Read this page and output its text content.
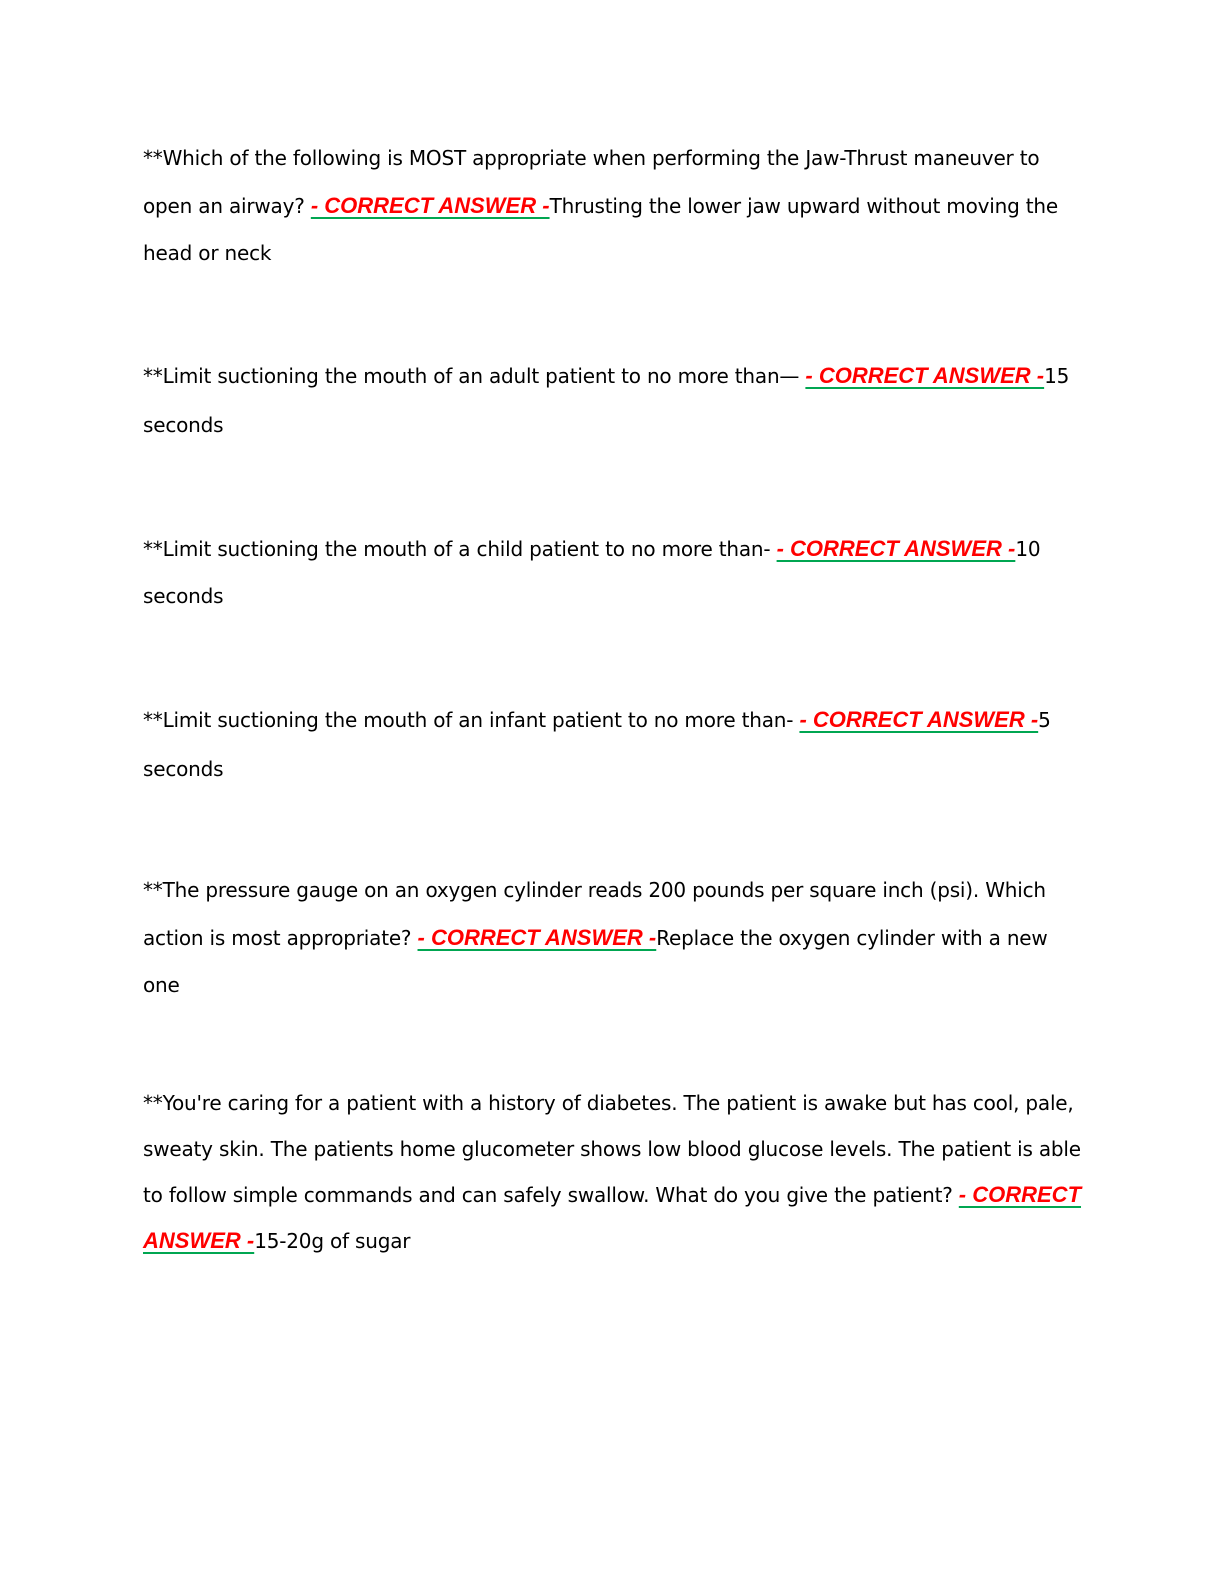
**Which of the following is MOST appropriate when performing the Jaw-Thrust maneuver to open an airway? - CORRECT ANSWER -Thrusting the lower jaw upward without moving the head or neck

**Limit suctioning the mouth of an adult patient to no more than— - CORRECT ANSWER -15 seconds

**Limit suctioning the mouth of a child patient to no more than- - CORRECT ANSWER -10 seconds

**Limit suctioning the mouth of an infant patient to no more than- - CORRECT ANSWER -5 seconds

**The pressure gauge on an oxygen cylinder reads 200 pounds per square inch (psi). Which action is most appropriate? - CORRECT ANSWER -Replace the oxygen cylinder with a new one

**You're caring for a patient with a history of diabetes. The patient is awake but has cool, pale, sweaty skin. The patients home glucometer shows low blood glucose levels. The patient is able to follow simple commands and can safely swallow. What do you give the patient? - CORRECT ANSWER -15-20g of sugar
